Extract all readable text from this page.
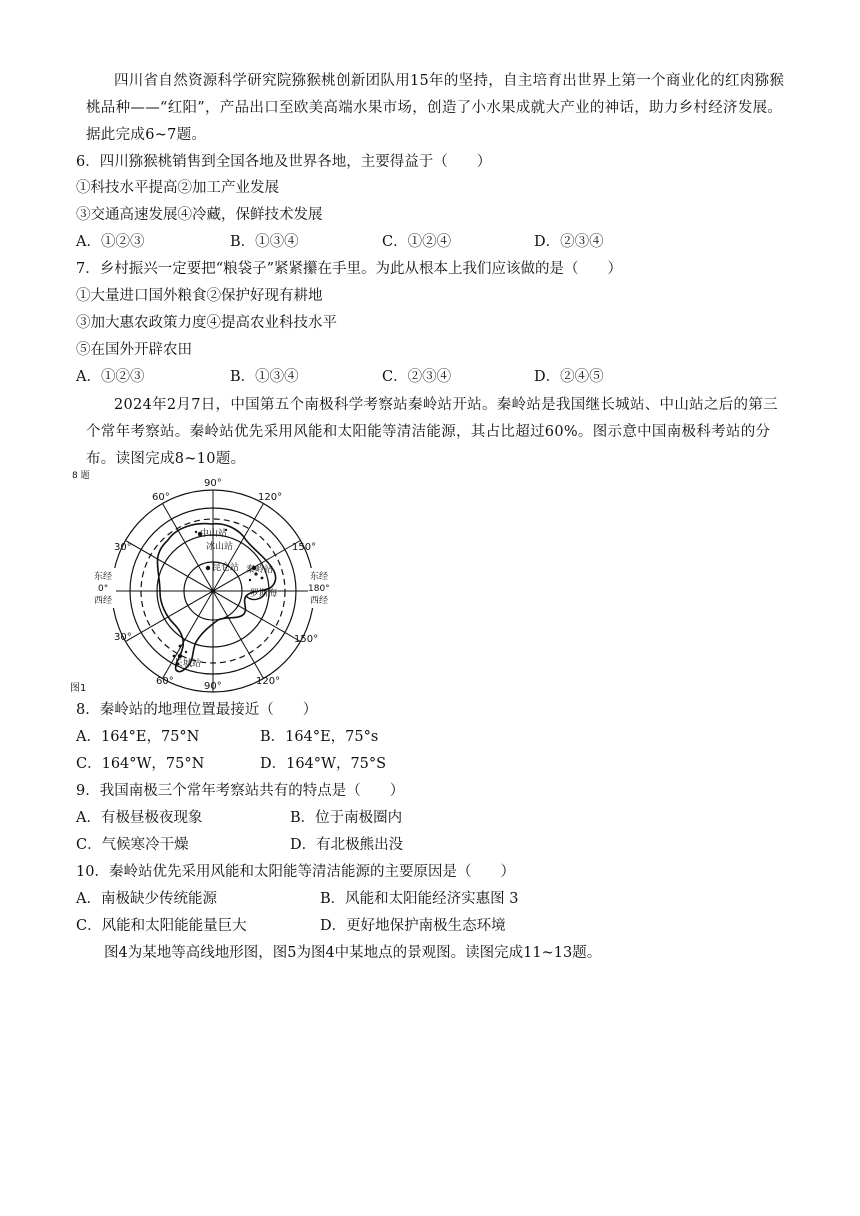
四川省自然资源科学研究院猕猴桃创新团队用15年的坚持，自主培育出世界上第一个商业化的红肉猕猴桃品种——“红阳”，产品出口至欧美高端水果市场，创造了小水果成就大产业的神话，助力乡村经济发展。据此完成6~7题。
6．四川猕猴桃销售到全国各地及世界各地，主要得益于（　　）
①科技水平提高②加工产业发展
③交通高速发展④冷藏，保鲜技术发展
A．①②③	B．①③④	C．①②④	D．②③④
7．乡村振兴一定要把“粮袋子”紧紧攥在手里。为此从根本上我们应该做的是（　　）
①大量进口国外粮食②保护好现有耕地
③加大惠农政策力度④提高农业科技水平
⑤在国外开辟农田
A．①②③	B．①③④	C．②③④	D．②④⑤
2024年2月7日，中国第五个南极科学考察站秦岭站开站。秦岭站是我国继长城站、中山站之后的第三个常年考察站。秦岭站优先采用风能和太阳能等清洁能源，其占比超过60%。图示意中国南极科考站的分布。读图完成8~10题。
8 题
图1
中山站
冰山站
昆仑站 秦岭站
罗斯海
长城站
90°
90°
60°	120°
30°	150°
30°	150°
60°	120°
东经
0°
西经
东经
180°
西经
8．秦岭站的地理位置最接近（　　）
A．164°E，75°N	B．164°E，75°s
C．164°W，75°N	D．164°W，75°S
9．我国南极三个常年考察站共有的特点是（　　）
A．有极昼极夜现象	B．位于南极圈内
C．气候寒冷干燥	D．有北极熊出没
10．秦岭站优先采用风能和太阳能等清洁能源的主要原因是（　　）
A．南极缺少传统能源	B．风能和太阳能经济实惠图 3
C．风能和太阳能能量巨大	D．更好地保护南极生态环境
图4为某地等高线地形图，图5为图4中某地点的景观图。读图完成11~13题。
